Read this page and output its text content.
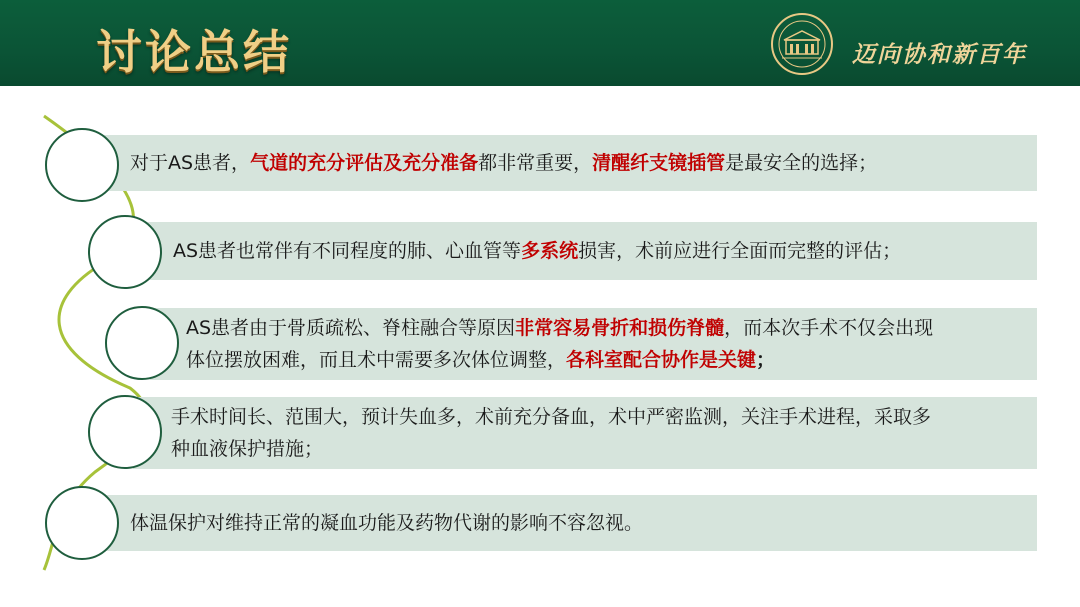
讨论总结	迈向协和新百年
对于AS患者，气道的充分评估及充分准备都非常重要，清醒纤支镜插管是最安全的选择；
AS患者也常伴有不同程度的肺、心血管等多系统损害，术前应进行全面而完整的评估；
AS患者由于骨质疏松、脊柱融合等原因非常容易骨折和损伤脊髓，而本次手术不仅会出现
体位摆放困难，而且术中需要多次体位调整，各科室配合协作是关键；
手术时间长、范围大，预计失血多，术前充分备血，术中严密监测，关注手术进程，采取多
种血液保护措施；
体温保护对维持正常的凝血功能及药物代谢的影响不容忽视。
